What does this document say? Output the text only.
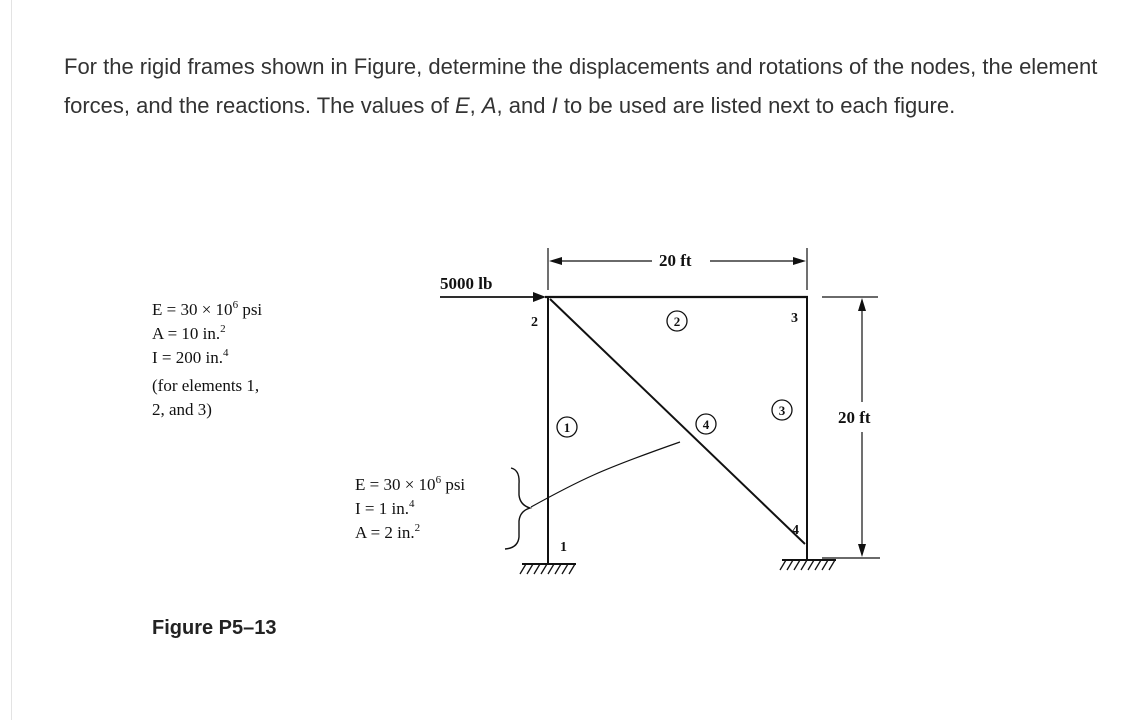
For the rigid frames shown in Figure, determine the displacements and rotations of the nodes, the element forces, and the reactions. The values of E, A, and I to be used are listed next to each figure.

$E = 30 \times 10^6$ psi
A = 10 in.$^2$
I = 200 in.$^4$
(for elements 1,
2, and 3)
$E = 30 \times 10^6$ psi
I = 1 in.$^4$
A = 2 in.$^2$
5000 lb
20 ft
20 ft
1
2	3
4
1
2
3
4

Figure P5–13
